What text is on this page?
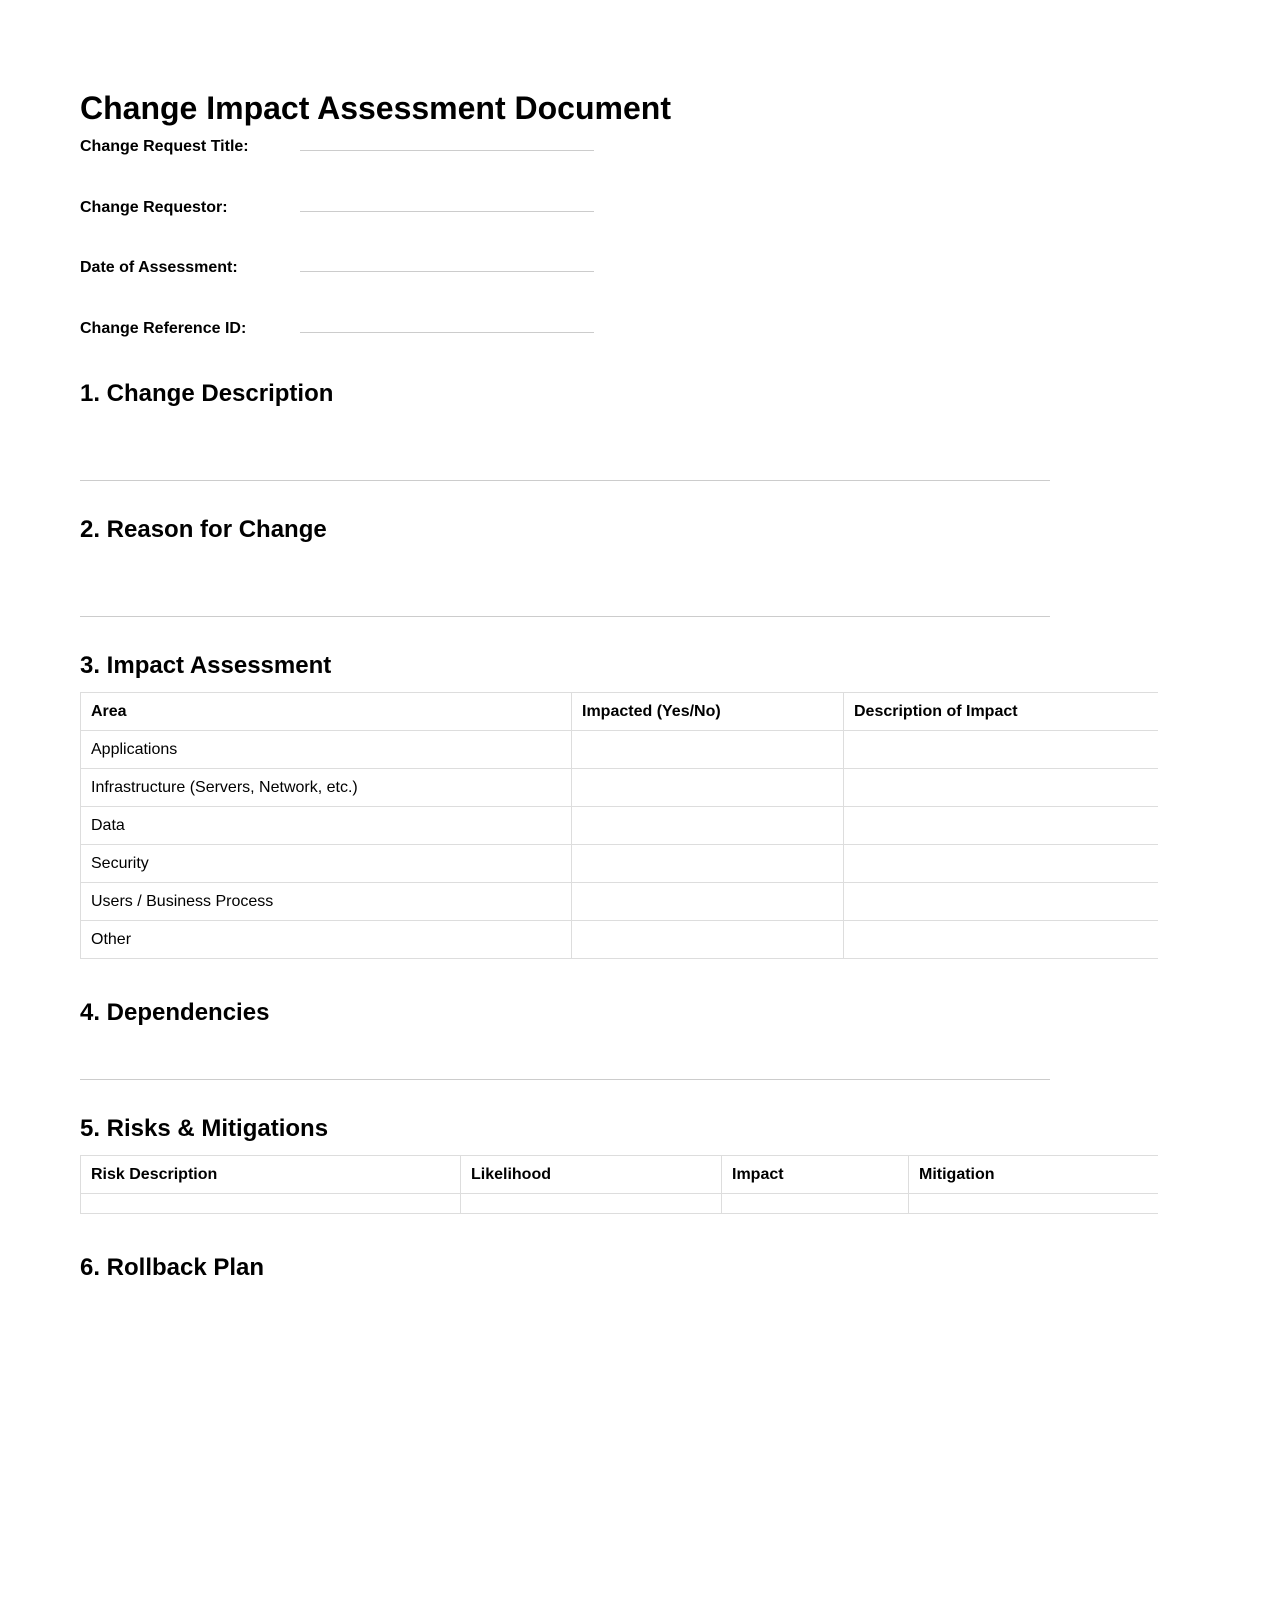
Change Impact Assessment Document
Change Request Title:
Change Requestor:
Date of Assessment:
Change Reference ID:
1. Change Description
2. Reason for Change
3. Impact Assessment
Area	Impacted (Yes/No)	Description of Impact
Applications		
Infrastructure (Servers, Network, etc.)		
Data		
Security		
Users / Business Process		
Other		
4. Dependencies
5. Risks & Mitigations
Risk Description	Likelihood	Impact	Mitigation

6. Rollback Plan
